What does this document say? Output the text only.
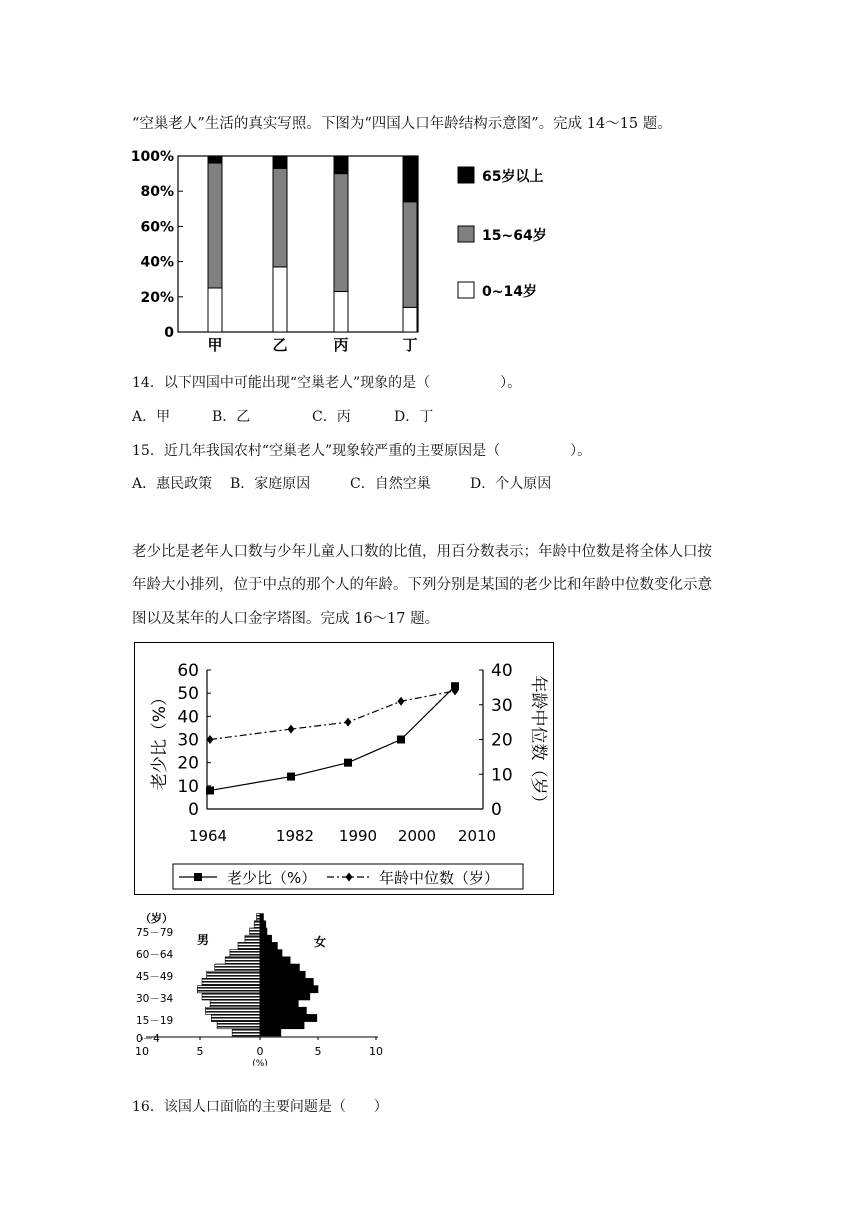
“空巢老人”生活的真实写照。下图为“四国人口年龄结构示意图”。完成 14～15 题。
0
20%
40%
60%
80%
100%
甲	乙	丙	丁
65岁以上
15~64岁
0~14岁
14．以下四国中可能出现“空巢老人”现象的是（　　　　　）。
A．甲	B．乙	C．丙	D．丁
15．近几年我国农村“空巢老人”现象较严重的主要原因是（　　　　　）。
A．惠民政策 B．家庭原因	C．自然空巢	D．个人原因
老少比是老年人口数与少年儿童人口数的比值，用百分数表示；年龄中位数是将全体人口按
年龄大小排列，位于中点的那个人的年龄。下列分别是某国的老少比和年龄中位数变化示意
图以及某年的人口金字塔图。完成 16～17 题。
0
10
20
30
40
50
60
0
10
20
30
40
1964	1982 1990 2000 2010
老少比（%）	年龄中位数（岁）
老少比（%）	年龄中位数（岁）
10	5	0	5	10
（岁）
75－79
60－64
45－49
30－34
15－19
0－4
男	女
(%)
16．该国人口面临的主要问题是（　　）
